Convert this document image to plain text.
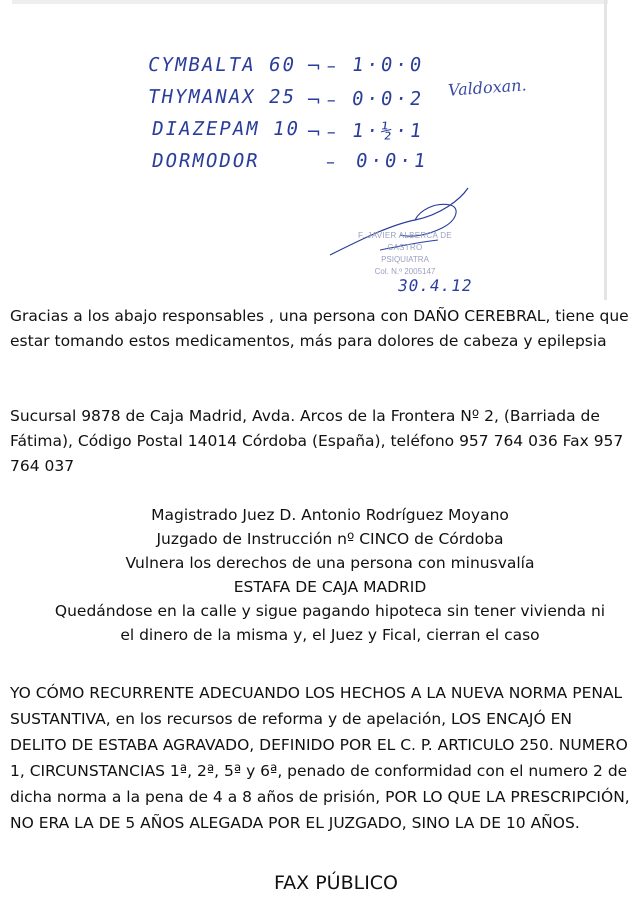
CYMBALTA 60 ¬ – 1·0·0
THYMANAX 25 ¬ – 0·0·2 Valdoxan.
DIAZEPAM 10 ¬ – 1·½·1
DORMODOR	– 0·0·1
F. JAVIER ALBERCA DE CASTRO
PSIQUIATRA
Col. N.º 2005147
30.4.12
Gracias a los abajo responsables , una persona con DAÑO CEREBRAL, tiene que estar tomando estos medicamentos, más para dolores de cabeza y epilepsia
Sucursal 9878 de Caja Madrid, Avda. Arcos de la Frontera Nº 2, (Barriada de Fátima), Código Postal 14014 Córdoba (España), teléfono 957 764 036 Fax 957 764 037
Magistrado Juez D. Antonio Rodríguez Moyano
Juzgado de Instrucción nº CINCO de Córdoba
Vulnera los derechos de una persona con minusvalía
ESTAFA DE CAJA MADRID
Quedándose en la calle y sigue pagando hipoteca sin tener vivienda ni
el dinero de la misma y, el Juez y Fical, cierran el caso
YO CÓMO RECURRENTE ADECUANDO LOS HECHOS A LA NUEVA NORMA PENAL SUSTANTIVA, en los recursos de reforma y de apelación, LOS ENCAJÓ EN DELITO DE ESTABA AGRAVADO, DEFINIDO POR EL C. P. ARTICULO 250. NUMERO 1, CIRCUNSTANCIAS 1ª, 2ª, 5ª y 6ª, penado de conformidad con el numero 2 de dicha norma a la pena de 4 a 8 años de prisión, POR LO QUE LA PRESCRIPCIÓN, NO ERA LA DE 5 AÑOS ALEGADA POR EL JUZGADO, SINO LA DE 10 AÑOS.
FAX PÚBLICO
